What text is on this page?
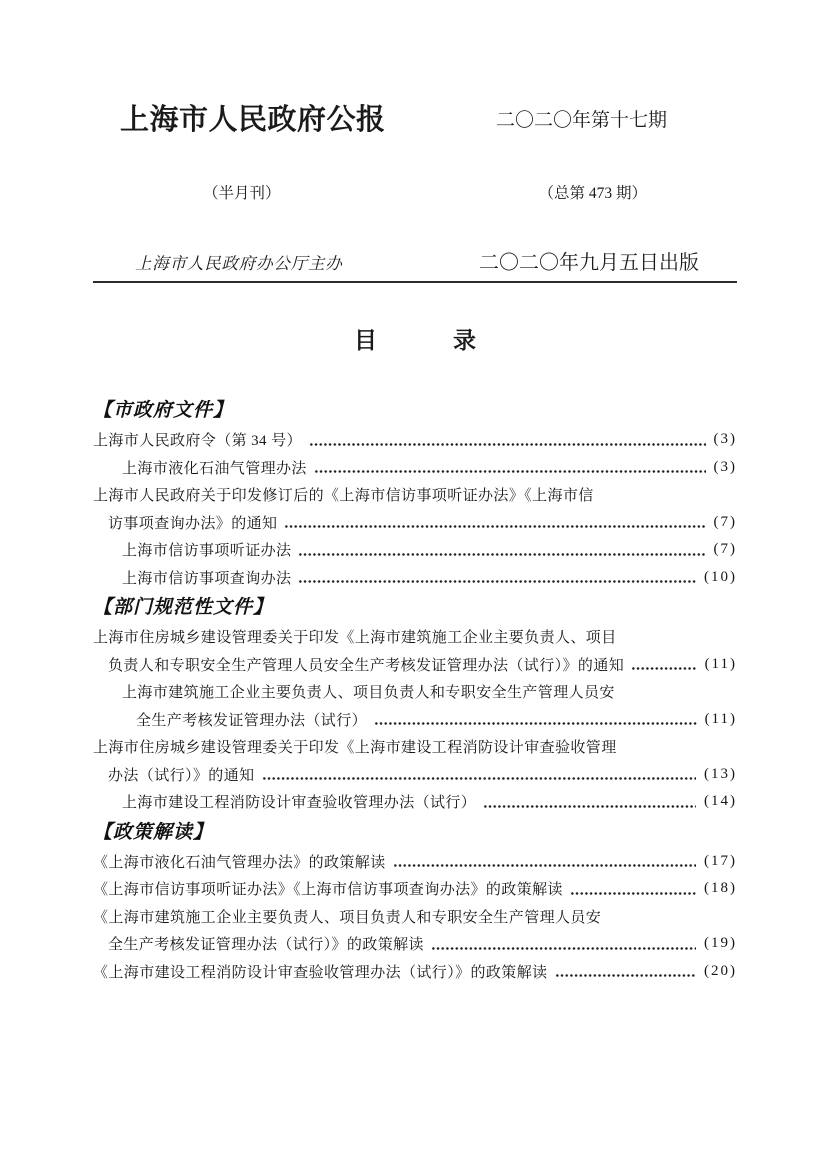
上海市人民政府公报	二〇二〇年第十七期
（半月刊）	（总第 473 期）
上海市人民政府办公厅主办	二〇二〇年九月五日出版
目	录
【市政府文件】
上海市人民政府令（第 34 号）	(3)
上海市液化石油气管理办法	(3)
上海市人民政府关于印发修订后的《上海市信访事项听证办法》《上海市信
访事项查询办法》的通知	(7)
上海市信访事项听证办法	(7)
上海市信访事项查询办法	(10)
【部门规范性文件】
上海市住房城乡建设管理委关于印发《上海市建筑施工企业主要负责人、项目
负责人和专职安全生产管理人员安全生产考核发证管理办法（试行）》的通知	(11)
上海市建筑施工企业主要负责人、项目负责人和专职安全生产管理人员安
全生产考核发证管理办法（试行）	(11)
上海市住房城乡建设管理委关于印发《上海市建设工程消防设计审查验收管理
办法（试行）》的通知	(13)
上海市建设工程消防设计审查验收管理办法（试行）	(14)
【政策解读】
《上海市液化石油气管理办法》的政策解读	(17)
《上海市信访事项听证办法》《上海市信访事项查询办法》的政策解读	(18)
《上海市建筑施工企业主要负责人、项目负责人和专职安全生产管理人员安
全生产考核发证管理办法（试行）》的政策解读	(19)
《上海市建设工程消防设计审查验收管理办法（试行）》的政策解读	(20)
